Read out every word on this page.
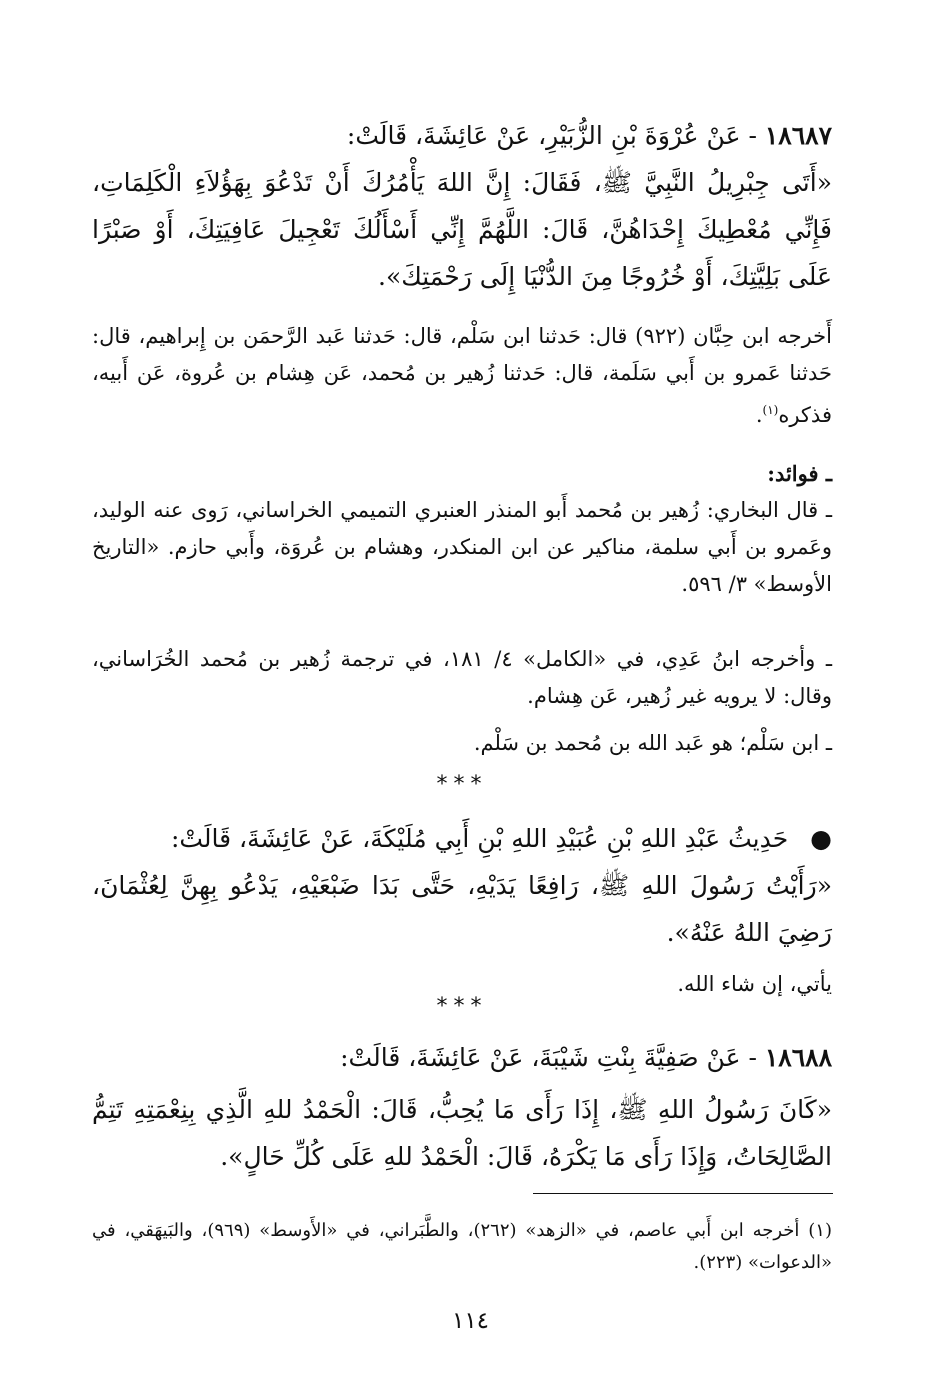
١٨٦٨٧ - عَنْ عُرْوَةَ بْنِ الزُّبَيْرِ، عَنْ عَائِشَةَ، قَالَتْ:
«أَتَى جِبْرِيلُ النَّبِيَّ ﷺ، فَقَالَ: إِنَّ اللهَ يَأْمُرُكَ أَنْ تَدْعُوَ بِهَؤُلاَءِ الْكَلِمَاتِ، فَإِنِّي مُعْطِيكَ إِحْدَاهُنَّ، قَالَ: اللَّهُمَّ إِنِّي أَسْأَلُكَ تَعْجِيلَ عَافِيَتِكَ، أَوْ صَبْرًا عَلَى بَلِيَّتِكَ، أَوْ خُرُوجًا مِنَ الدُّنْيَا إِلَى رَحْمَتِكَ».
أَخرجه ابن حِبَّان (٩٢٢) قال: حَدثنا ابن سَلْم، قال: حَدثنا عَبد الرَّحمَن بن إِبراهيم، قال: حَدثنا عَمرو بن أَبي سَلَمة، قال: حَدثنا زُهير بن مُحمد، عَن هِشام بن عُروة، عَن أَبيه، فذكره$^{(١)}$.
ـ فوائد:
ـ قال البخاري: زُهير بن مُحمد أَبو المنذر العنبري التميمي الخراساني، رَوى عنه الوليد، وعَمرو بن أَبي سلمة، مناكير عن ابن المنكدر، وهشام بن عُروَة، وأَبي حازم. «التاريخ الأوسط» ٣/ ٥٩٦.
ـ وأخرجه ابنُ عَدِي، في «الكامل» ٤/ ١٨١، في ترجمة زُهير بن مُحمد الخُرَاساني، وقال: لا يرويه غير زُهير، عَن هِشام.
ـ ابن سَلْم؛ هو عَبد الله بن مُحمد بن سَلْم.
***
● حَدِيثُ عَبْدِ اللهِ بْنِ عُبَيْدِ اللهِ بْنِ أَبِي مُلَيْكَةَ، عَنْ عَائِشَةَ، قَالَتْ:
«رَأَيْتُ رَسُولَ اللهِ ﷺ، رَافِعًا يَدَيْهِ، حَتَّى بَدَا ضَبْعَيْهِ، يَدْعُو بِهِنَّ لِعُثْمَانَ، رَضِيَ اللهُ عَنْهُ».
يأتي، إن شاء الله.
***
١٨٦٨٨ - عَنْ صَفِيَّةَ بِنْتِ شَيْبَةَ، عَنْ عَائِشَةَ، قَالَتْ:
«كَانَ رَسُولُ اللهِ ﷺ، إِذَا رَأَى مَا يُحِبُّ، قَالَ: الْحَمْدُ للهِ الَّذِي بِنِعْمَتِهِ تَتِمُّ الصَّالِحَاتُ، وَإِذَا رَأَى مَا يَكْرَهُ، قَالَ: الْحَمْدُ للهِ عَلَى كُلِّ حَالٍ».
(١) أخرجه ابن أَبي عاصم، في «الزهد» (٢٦٢)، والطَّبَراني، في «الأَوسط» (٩٦٩)، والبَيهَقي، في «الدعوات» (٢٢٣).
١١٤
